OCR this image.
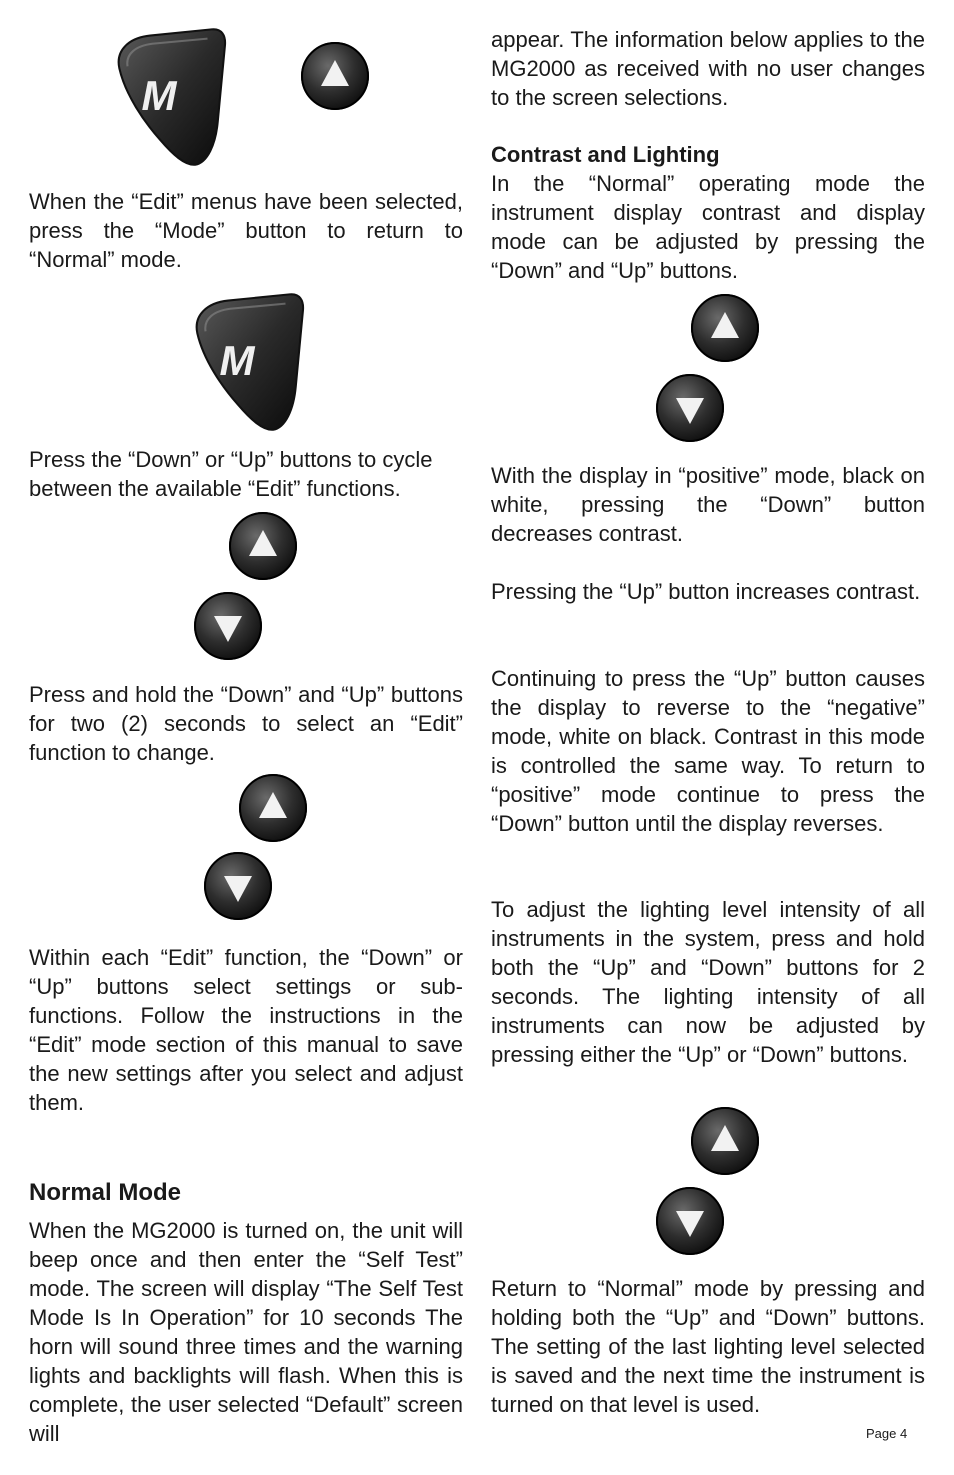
M

When the “Edit” menus have been selected, press the “Mode” button to return to “Normal” mode.

M

Press the “Down” or “Up” buttons to cycle between the available “Edit” functions.

Press and hold the “Down” and “Up” buttons for two (2) seconds to select an “Edit” function to change.

Within each “Edit” function, the “Down” or “Up” buttons select settings or sub-functions. Follow the instructions in the “Edit” mode section of this manual to save the new settings after you select and adjust them.

Normal Mode

When the MG2000 is turned on, the unit will beep once and then enter the “Self Test” mode. The screen will display “The Self Test Mode Is In Operation” for 10 seconds The horn will sound three times and the warning lights and backlights will flash. When this is complete, the user selected “Default” screen will

appear. The information below applies to the MG2000 as received with no user changes to the screen selections.

Contrast and Lighting

In the “Normal” operating mode the instrument display contrast and display mode can be adjusted by pressing the “Down” and “Up” buttons.

With the display in “positive” mode, black on white, pressing the “Down” button decreases contrast.

Pressing the “Up” button increases contrast.

Continuing to press the “Up” button causes the display to reverse to the “negative” mode, white on black. Contrast in this mode is controlled the same way. To return to “positive” mode continue to press the “Down” button until the display reverses.

To adjust the lighting level intensity of all instruments in the system, press and hold both the “Up” and “Down” buttons for 2 seconds. The lighting intensity of all instruments can now be adjusted by pressing either the “Up” or “Down” buttons.

Return to “Normal” mode by pressing and holding both the “Up” and “Down” buttons. The setting of the last lighting level selected is saved and the next time the instrument is turned on that level is used.

Page 4
